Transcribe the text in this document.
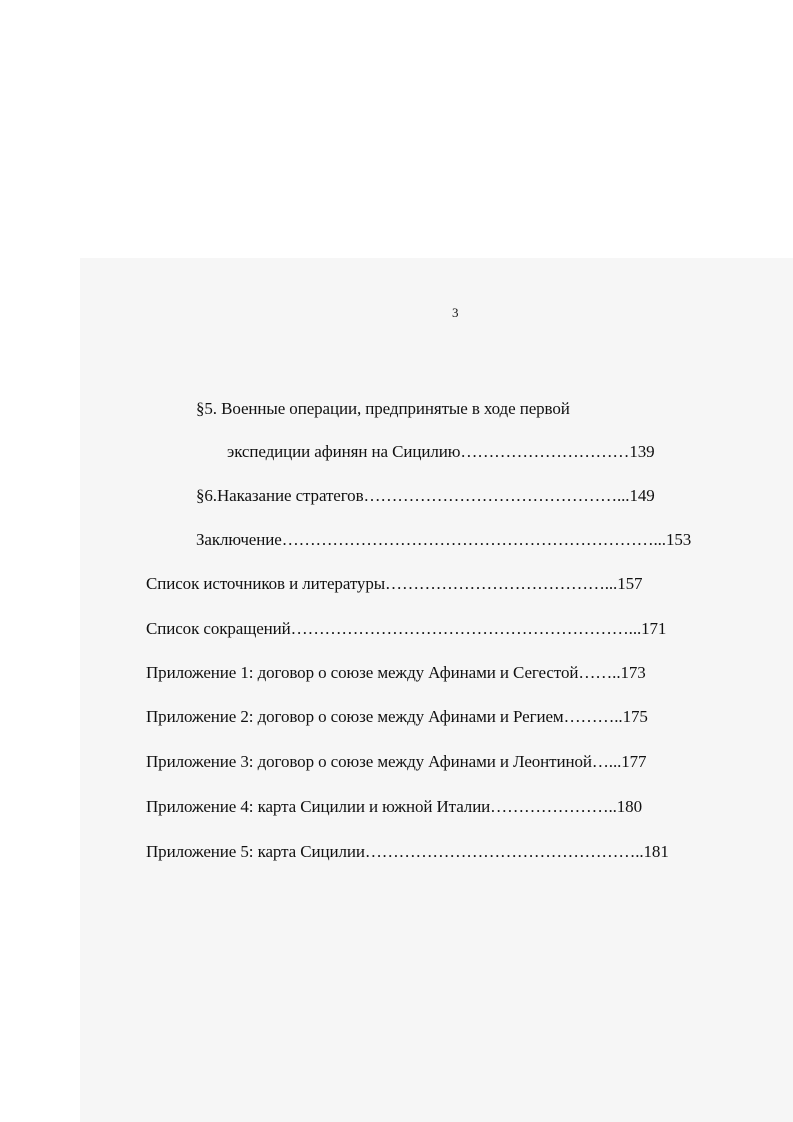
3
§5. Военные операции, предпринятые в ходе первой
экспедиции афинян на Сицилию…………………………139
§6.Наказание стратегов………………………………………...149
Заключение…………………………………………………………...153
Список источников и литературы…………………………………...157
Список сокращений……………………………………………………...171
Приложение 1: договор о союзе между Афинами и Сегестой……..173
Приложение 2: договор о союзе между Афинами и Регием………..175
Приложение 3: договор о союзе между Афинами и Леонтиной…...177
Приложение 4: карта Сицилии и южной Италии…………………..180
Приложение 5: карта Сицилии…………………………………………..181
